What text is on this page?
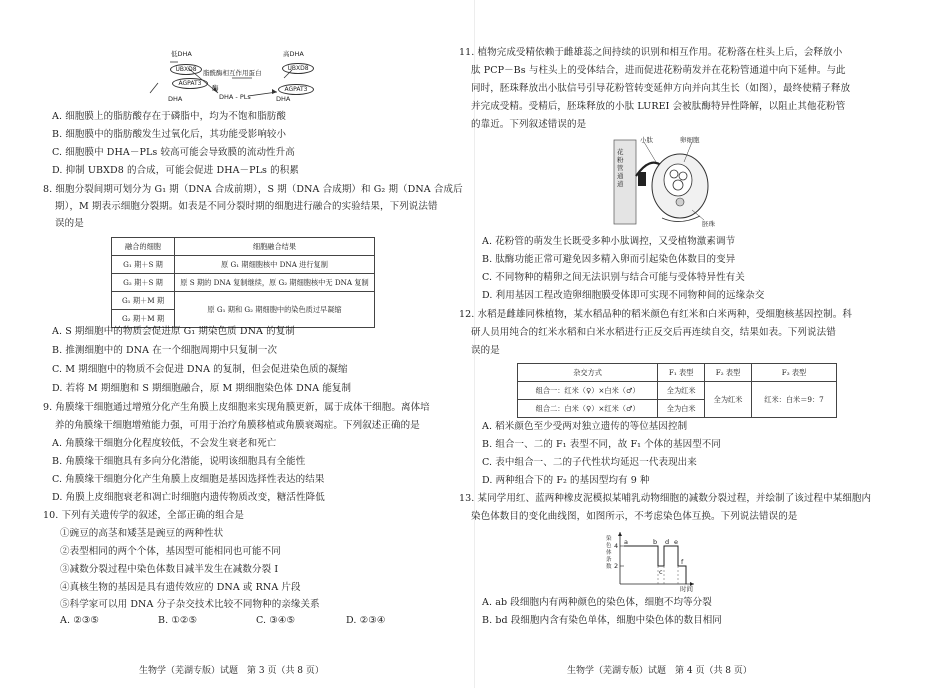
低DHA	高DHA
UBXD8	UBXD8
AGPAT3
AGPAT3
脂酰酶相互作用蛋白
酶
DHA	DHA - PLs	DHA
A. 细胞膜上的脂肪酸存在于磷脂中，均为不饱和脂肪酸
B. 细胞膜中的脂肪酸发生过氧化后，其功能受影响较小
C. 细胞膜中 DHA－PLs 较高可能会导致膜的流动性升高
D. 抑制 UBXD8 的合成，可能会促进 DHA－PLs 的积累
8. 细胞分裂间期可划分为 G₁ 期（DNA 合成前期），S 期（DNA 合成期）和 G₂ 期（DNA 合成后
期），M 期表示细胞分裂期。如表是不同分裂时期的细胞进行融合的实验结果，下列说法错
误的是
融合的细胞	细胞融合结果
G₁ 期＋S 期	原 G₁ 期细胞核中 DNA 进行复制
G₂ 期＋S 期	原 S 期的 DNA 复制继续，原 G₂ 期细胞核中无 DNA 复制
G₁ 期＋M 期	原 G₁ 期和 G₂ 期细胞中的染色质过早凝缩
G₂ 期＋M 期	
A. S 期细胞中的物质会促进原 G₁ 期染色质 DNA 的复制
B. 推测细胞中的 DNA 在一个细胞周期中只复制一次
C. M 期细胞中的物质不会促进 DNA 的复制，但会促进染色质的凝缩
D. 若将 M 期细胞和 S 期细胞融合，原 M 期细胞染色体 DNA 能复制
9. 角膜缘干细胞通过增殖分化产生角膜上皮细胞来实现角膜更新，属于成体干细胞。离体培
养的角膜缘干细胞增殖能力强，可用于治疗角膜移植或角膜衰竭症。下列叙述正确的是
A. 角膜缘干细胞分化程度较低，不会发生衰老和死亡
B. 角膜缘干细胞具有多向分化潜能，说明该细胞具有全能性
C. 角膜缘干细胞分化产生角膜上皮细胞是基因选择性表达的结果
D. 角膜上皮细胞衰老和凋亡时细胞内遗传物质改变，糖活性降低
10. 下列有关遗传学的叙述，全部正确的组合是
①豌豆的高茎和矮茎是豌豆的两种性状
②表型相同的两个个体，基因型可能相同也可能不同
③减数分裂过程中染色体数目减半发生在减数分裂 Ⅰ
④真核生物的基因是具有遗传效应的 DNA 或 RNA 片段
⑤科学家可以用 DNA 分子杂交技术比较不同物种的亲缘关系
A. ②③⑤	B. ①②⑤	C. ③④⑤	D. ②③④
生物学（芜湖专版）试题　第 3 页（共 8 页）
11. 植物完成受精依赖于雌雄蕊之间持续的识别和相互作用。花粉落在柱头上后，会释放小
肽 PCP－Bs 与柱头上的受体结合，进而促进花粉萌发并在花粉管通道中向下延伸。与此
同时，胚珠释放出小肽信号引导花粉管转变延伸方向并向其生长（如图），最终使精子释放
并完成受精。受精后，胚珠释放的小肽 LUREI 会被肽酶特异性降解，以阻止其他花粉管
的靠近。下列叙述错误的是
小肽	卵细胞
花粉管通道
胚珠
A. 花粉管的萌发生长既受多种小肽调控，又受植物激素调节
B. 肽酶功能正常可避免因多精入卵而引起染色体数目的变异
C. 不同物种的精卵之间无法识别与结合可能与受体特异性有关
D. 利用基因工程改造卵细胞膜受体即可实现不同物种间的远缘杂交
12. 水稻是雌雄同株植物，某水稻品种的稻米颜色有红米和白米两种，受细胞核基因控制。科
研人员用纯合的红米水稻和白米水稻进行正反交后再连续自交，结果如表。下列说法错
误的是
杂交方式	F₁ 表型	F₂ 表型	F₃ 表型
组合一：红米（♀）×白米（♂）	全为红米	全为红米	红米：白米＝9：7
组合二：白米（♀）×红米（♂）	全为白米		
A. 稻米颜色至少受两对独立遗传的等位基因控制
B. 组合一、二的 F₁ 表型不同，故 F₁ 个体的基因型不同
C. 表中组合一、二的子代性状均延迟一代表现出来
D. 两种组合下的 F₂ 的基因型均有 9 种
13. 某同学用红、蓝两种橡皮泥模拟某哺乳动物细胞的减数分裂过程，并绘制了该过程中某细胞内
染色体数目的变化曲线图，如图所示，不考虑染色体互换。下列说法错误的是
染色体条数
4
2
a	b
c
d e
f
时间
A. ab 段细胞内有两种颜色的染色体，细胞不均等分裂
B. bd 段细胞内含有染色单体，细胞中染色体的数目相同
生物学（芜湖专版）试题　第 4 页（共 8 页）
